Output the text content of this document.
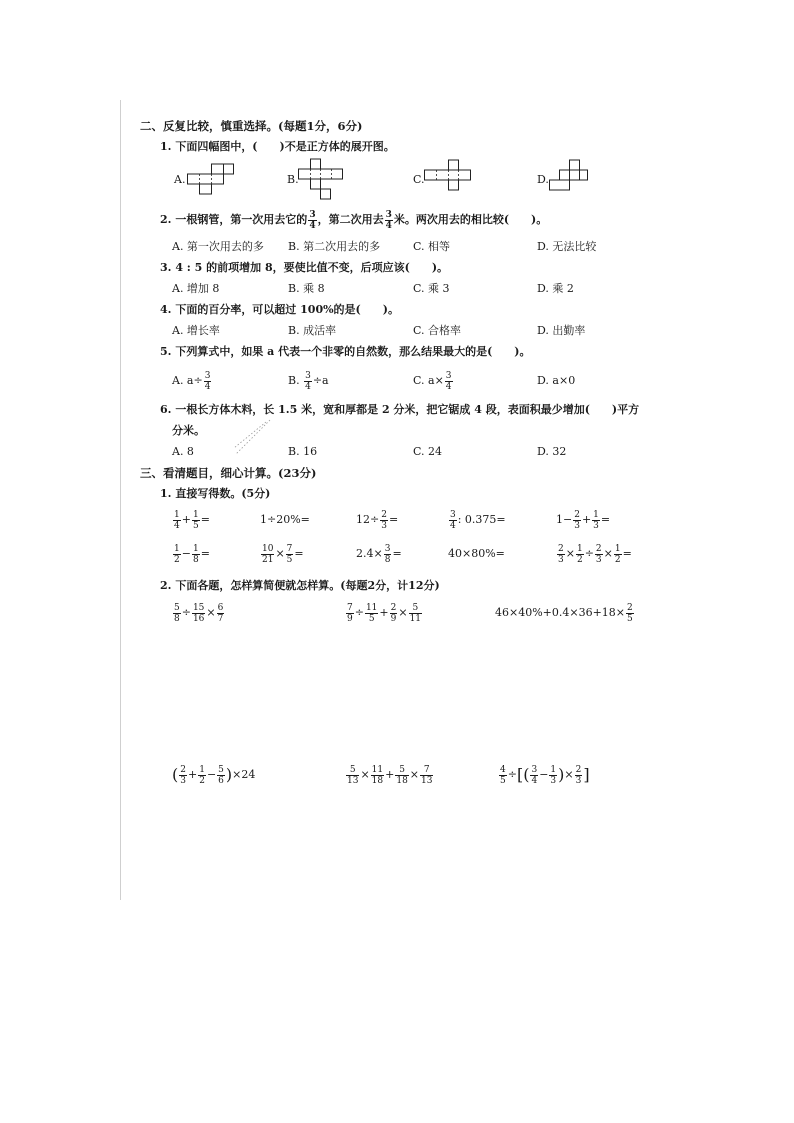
二、反复比较，慎重选择。(每题1分，6分)
1. 下面四幅图中，(　　)不是正方体的展开图。
A.	B.	C.	D.
2. 一根钢管，第一次用去它的 $\frac{3}{4}$ ，第二次用去 $\frac{3}{4}$ 米。两次用去的相比较(　　)。
A. 第一次用去的多 B. 第二次用去的多	C. 相等	D. 无法比较
3. 4 : 5 的前项增加 8，要使比值不变，后项应该(　　)。
A. 增加 8	B. 乘 8	C. 乘 3	D. 乘 2
4. 下面的百分率，可以超过 100%的是(　　)。
A. 增长率	B. 成活率	C. 合格率	D. 出勤率
5. 下列算式中，如果 a 代表一个非零的自然数，那么结果最大的是(　　)。
A. $a\div \frac{3}{4}$	B. $\frac{3}{4} \div a$	C. $a\times \frac{3}{4}$	D. a×0
6. 一根长方体木料，长 1.5 米，宽和厚都是 2 分米，把它锯成 4 段，表面积最少增加(　　)平方
分米。
A. 8	B. 16	C. 24	D. 32
三、看清题目，细心计算。(23分)
1. 直接写得数。(5分)
$\frac{1}{4} + \frac{1}{5}$ =	1÷20%=	$12\div \frac{2}{3}$ =	$\frac{3}{4}$ : 0.375=	$1- \frac{2}{3} + \frac{1}{3}$ =
$\frac{1}{2} - \frac{1}{8}$ =	$\frac{10}{21} \times \frac{7}{5}$ =	$2.4\times \frac{3}{8}$ =	40×80%=	$\frac{2}{3} \times \frac{1}{2} \div \frac{2}{3} \times \frac{1}{2}$ =
2. 下面各题，怎样算简便就怎样算。(每题2分，计12分)
$\frac{5}{8} \div \frac{15}{16} \times \frac{6}{7}$	$\frac{7}{9} \div \frac{11}{5} + \frac{2}{9} \times \frac{5}{11}$	$46\times 40\%+0.4\times 36+18\times \frac{2}{5}$
( $\frac{2}{3} + \frac{1}{2} - \frac{5}{6} )\times 24$	$\frac{5}{13} \times \frac{11}{18} + \frac{5}{18} \times \frac{7}{13}$	$\frac{4}{5}$ ÷[( $\frac{3}{4} - \frac{1}{3}$ )× $\frac{2}{3}$ ]
